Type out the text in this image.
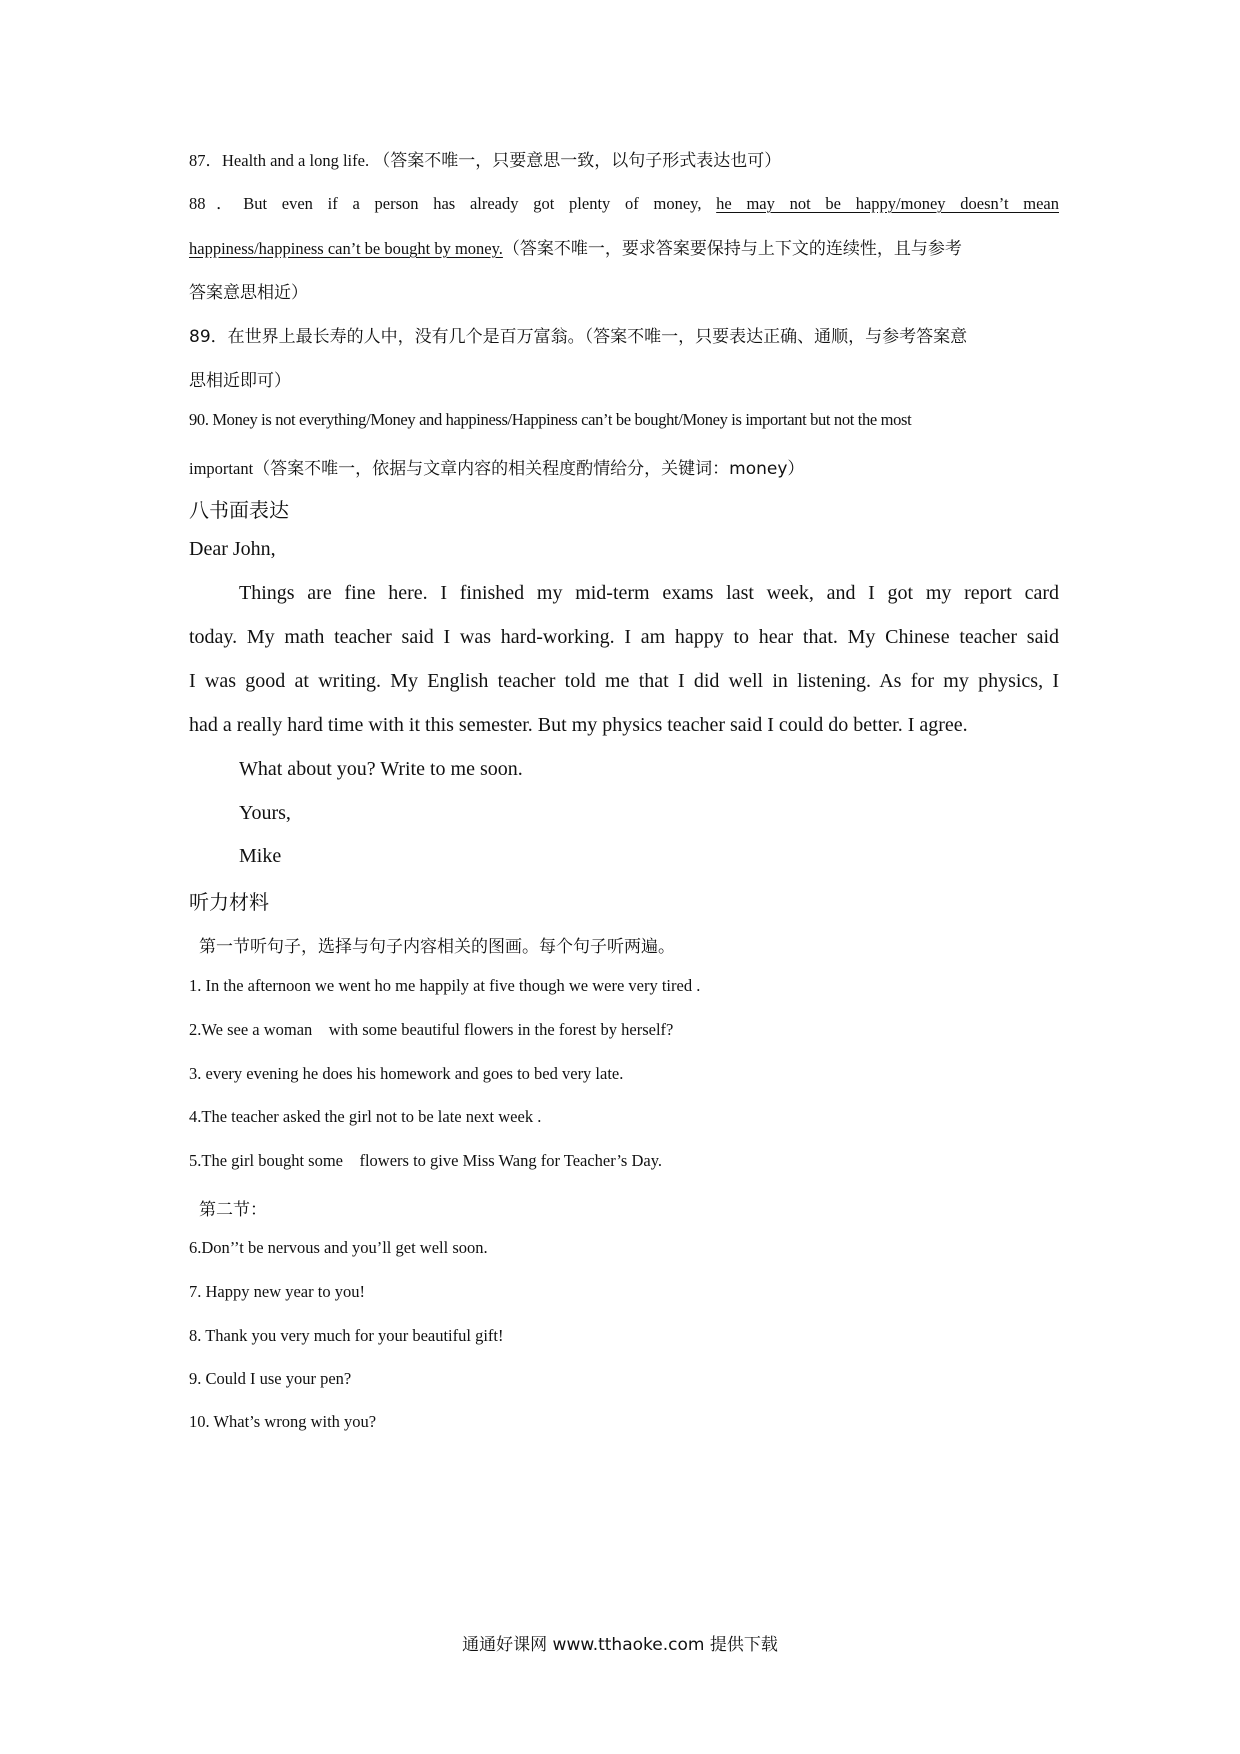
87．Health and a long life. （答案不唯一，只要意思一致，以句子形式表达也可）
88．But even if a person has already got plenty of money, he may not be happy/money doesn’t mean
happiness/happiness can’t be bought by money.（答案不唯一，要求答案要保持与上下文的连续性，且与参考
答案意思相近）
89．在世界上最长寿的人中，没有几个是百万富翁。（答案不唯一，只要表达正确、通顺，与参考答案意
思相近即可）
90. Money is not everything/Money and happiness/Happiness can’t be bought/Money is important but not the most
important（答案不唯一，依据与文章内容的相关程度酌情给分，关键词：money）
八书面表达
Dear John,
Things are fine here. I finished my mid-term exams last week, and I got my report card
today. My math teacher said I was hard-working. I am happy to hear that. My Chinese teacher said
I was good at writing. My English teacher told me that I did well in listening. As for my physics, I
had a really hard time with it this semester. But my physics teacher said I could do better. I agree.
What about you? Write to me soon.
Yours,
Mike
听力材料
第一节听句子，选择与句子内容相关的图画。每个句子听两遍。
1. In the afternoon we went ho me happily at five though we were very tired .
2.We see a woman    with some beautiful flowers in the forest by herself?
3. every evening he does his homework and goes to bed very late.
4.The teacher asked the girl not to be late next week .
5.The girl bought some    flowers to give Miss Wang for Teacher’s Day.
第二节：
6.Don’’t be nervous and you’ll get well soon.
7. Happy new year to you!
8. Thank you very much for your beautiful gift!
9. Could I use your pen?
10. What’s wrong with you?
通通好课网 www.tthaoke.com 提供下载
